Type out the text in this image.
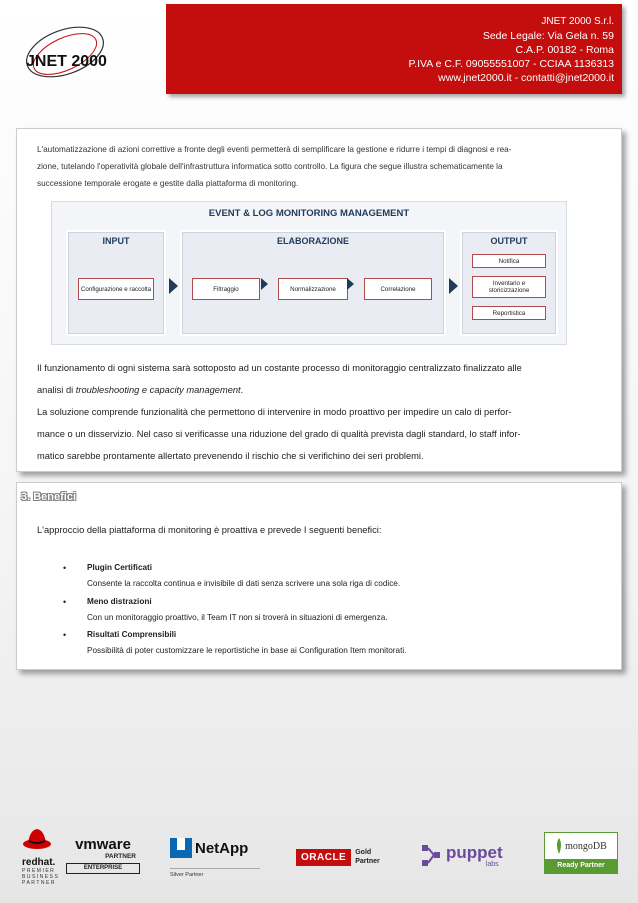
JNET 2000
JNET 2000 S.r.l.
Sede Legale: Via Gela n. 59
C.A.P. 00182 - Roma
P.IVA e C.F. 09055551007 - CCIAA 1136313
www.jnet2000.it - contatti@jnet2000.it
L'automatizzazione di azioni correttive a fronte degli eventi permetterà di semplificare la gestione e ridurre i tempi di diagnosi e rea-
zione, tutelando l'operatività globale dell'infrastruttura informatica sotto controllo. La figura che segue illustra schematicamente la
successione temporale erogate e gestite dalla piattaforma di monitoring.
EVENT & LOG MONITORING MANAGEMENT
INPUT
Configurazione e raccolta
ELABORAZIONE
Filtraggio	Normalizzazione	Correlazione
OUTPUT
Notifica
Inventario e storicizzazione
Reportistica
Il funzionamento di ogni sistema sarà sottoposto ad un costante processo di monitoraggio centralizzato finalizzato alle
analisi di troubleshooting e capacity management.
La soluzione comprende funzionalità che permettono di intervenire in modo proattivo per impedire un calo di perfor-
mance o un disservizio. Nel caso si verificasse una riduzione del grado di qualità prevista dagli standard, lo staff infor-
matico sarebbe prontamente allertato prevenendo il rischio che si verifichino dei seri problemi.
3. Benefici
L'approccio della piattaforma di monitoring è proattiva e prevede I seguenti benefici:
•	Plugin Certificati
Consente la raccolta continua e invisibile di dati senza scrivere una sola riga di codice.
•	Meno distrazioni
Con un monitoraggio proattivo, il Team IT non si troverà in situazioni di emergenza.
•	Risultati Comprensibili
Possibilità di poter customizzare le reportistiche in base ai Configuration Item monitorati.
redhat.
PREMIER
BUSINESS
PARTNER
vmware
PARTNER
ENTERPRISE
NetApp
Silver Partner
ORACLE	Gold
Partner	puppet
labs
mongoDB
Ready Partner
